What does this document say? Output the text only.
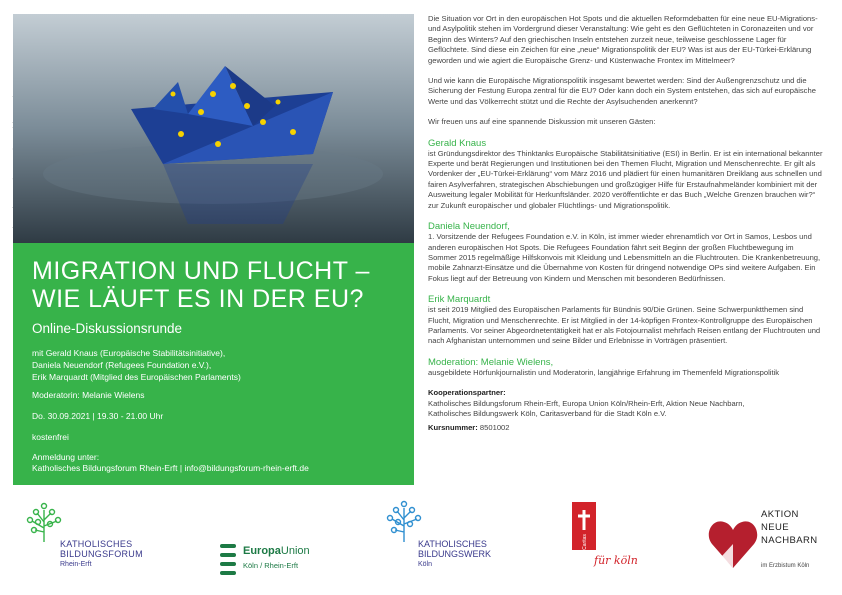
MIGRATION UND FLUCHT –
WIE LÄUFT ES IN DER EU?
Online-Diskussionsrunde
mit Gerald Knaus (Europäische Stabilitätsinitiative),
Daniela Neuendorf (Refugees Foundation e.V.),
Erik Marquardt (Mitglied des Europäischen Parlaments)
Moderatorin: Melanie Wielens
Do. 30.09.2021 | 19.30 - 21.00 Uhr
kostenfrei
Anmeldung unter:
Katholisches Bildungsforum Rhein-Erft | info@bildungsforum-rhein-erft.de

Die Situation vor Ort in den europäischen Hot Spots und die aktuellen Reformdebatten für eine neue EU-Migrations- und Asylpolitik stehen im Vordergrund dieser Veranstaltung: Wie geht es den Geflüchteten in Coronazeiten und vor Beginn des Winters? Auf den griechischen Inseln entstehen zurzeit neue, teilweise geschlossene Lager für Geflüchtete. Sind diese ein Zeichen für eine „neue“ Migrationspolitik der EU? Was ist aus der EU-Türkei-Erklärung geworden und wie agiert die Europäische Grenz- und Küstenwache Frontex im Mittelmeer?

Und wie kann die Europäische Migrationspolitik insgesamt bewertet werden: Sind der Außengrenzschutz und die Sicherung der Festung Europa zentral für die EU? Oder kann doch ein System entstehen, das sich auf europäische Werte und das Völkerrecht stützt und die Rechte der Asylsuchenden anerkennt?

Wir freuen uns auf eine spannende Diskussion mit unseren Gästen:

Gerald Knaus
ist Gründungsdirektor des Thinktanks Europäische Stabilitätsinitiative (ESI) in Berlin. Er ist ein international bekannter Experte und berät Regierungen und Institutionen bei den Themen Flucht, Migration und Menschenrechte. Er gilt als Vordenker der „EU-Türkei-Erklärung“ vom März 2016 und plädiert für einen humanitären Dreiklang aus schnellen und fairen Asylverfahren, strategischen Abschiebungen und großzügiger Hilfe für Erstaufnahmeländer kombiniert mit der Ausweitung legaler Mobilität für Herkunftsländer. 2020 veröffentlichte er das Buch „Welche Grenzen brauchen wir?“ zur Zukunft europäischer und globaler Flüchtlings- und Migrationspolitik.
Daniela Neuendorf,
1. Vorsitzende der Refugees Foundation e.V. in Köln, ist immer wieder ehrenamtlich vor Ort in Samos, Lesbos und anderen europäischen Hot Spots. Die Refugees Foundation fährt seit Beginn der großen Fluchtbewegung im Sommer 2015 regelmäßige Hilfskonvois mit Kleidung und Lebensmitteln an die Fluchtrouten. Die Krankenbetreuung, mobile Zahnarzt-Einsätze und die Übernahme von Kosten für dringend notwendige OPs sind weitere Aufgaben. Ein Fokus liegt auf der Betreuung von Kindern und Menschen mit besonderen Bedürfnissen.
Erik Marquardt
ist seit 2019 Mitglied des Europäischen Parlaments für Bündnis 90/Die Grünen. Seine Schwerpunktthemen sind Flucht, Migration und Menschenrechte. Er ist Mitglied in der 14-köpfigen Frontex-Kontrollgruppe des Europäischen Parlaments. Vor seiner Abgeordnetentätigkeit hat er als Fotojournalist mehrfach Reisen entlang der Fluchtrouten und nach Afghanistan unternommen und seine Bilder und Erlebnisse in Vorträgen präsentiert.
Moderation: Melanie Wielens,
ausgebildete Hörfunkjournalistin und Moderatorin, langjährige Erfahrung im Themenfeld Migrationspolitik
Kooperationspartner:
Katholisches Bildungsforum Rhein-Erft, Europa Union Köln/Rhein-Erft, Aktion Neue Nachbarn,
Katholisches Bildungswerk Köln, Caritasverband für die Stadt Köln e.V.
Kursnummer: 8501002
KATHOLISCHES
BILDUNGSFORUM
Rhein-Erft
EuropaUnion
Köln / Rhein-Erft
KATHOLISCHES
BILDUNGSWERK
Köln
Caritas
für köln
AKTION
NEUE
NACHBARN
im Erzbistum Köln
